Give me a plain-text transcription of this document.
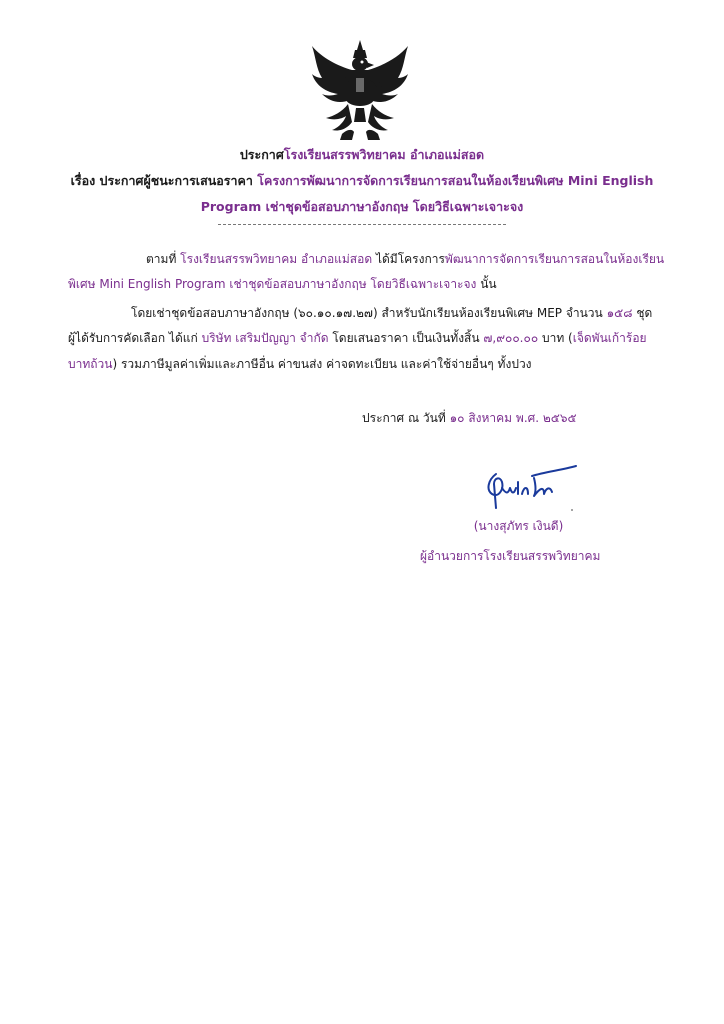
ประกาศโรงเรียนสรรพวิทยาคม อำเภอแม่สอด
เรื่อง ประกาศผู้ชนะการเสนอราคา โครงการพัฒนาการจัดการเรียนการสอนในห้องเรียนพิเศษ Mini English
Program เช่าชุดข้อสอบภาษาอังกฤษ โดยวิธีเฉพาะเจาะจง
ตามที่ โรงเรียนสรรพวิทยาคม อำเภอแม่สอด ได้มีโครงการพัฒนาการจัดการเรียนการสอนในห้องเรียน
พิเศษ Mini English Program เช่าชุดข้อสอบภาษาอังกฤษ โดยวิธีเฉพาะเจาะจง นั้น
โดยเช่าชุดข้อสอบภาษาอังกฤษ (๖๐.๑๐.๑๗.๒๗) สำหรับนักเรียนห้องเรียนพิเศษ MEP จำนวน ๑๕๘ ชุด
ผู้ได้รับการคัดเลือก ได้แก่ บริษัท เสริมปัญญา จำกัด โดยเสนอราคา เป็นเงินทั้งสิ้น ๗,๙๐๐.๐๐ บาท (เจ็ดพันเก้าร้อย
บาทถ้วน) รวมภาษีมูลค่าเพิ่มและภาษีอื่น ค่าขนส่ง ค่าจดทะเบียน และค่าใช้จ่ายอื่นๆ ทั้งปวง
ประกาศ ณ วันที่ ๑๐ สิงหาคม พ.ศ. ๒๕๖๕
(นางสุภัทร เงินดี)
ผู้อำนวยการโรงเรียนสรรพวิทยาคม
